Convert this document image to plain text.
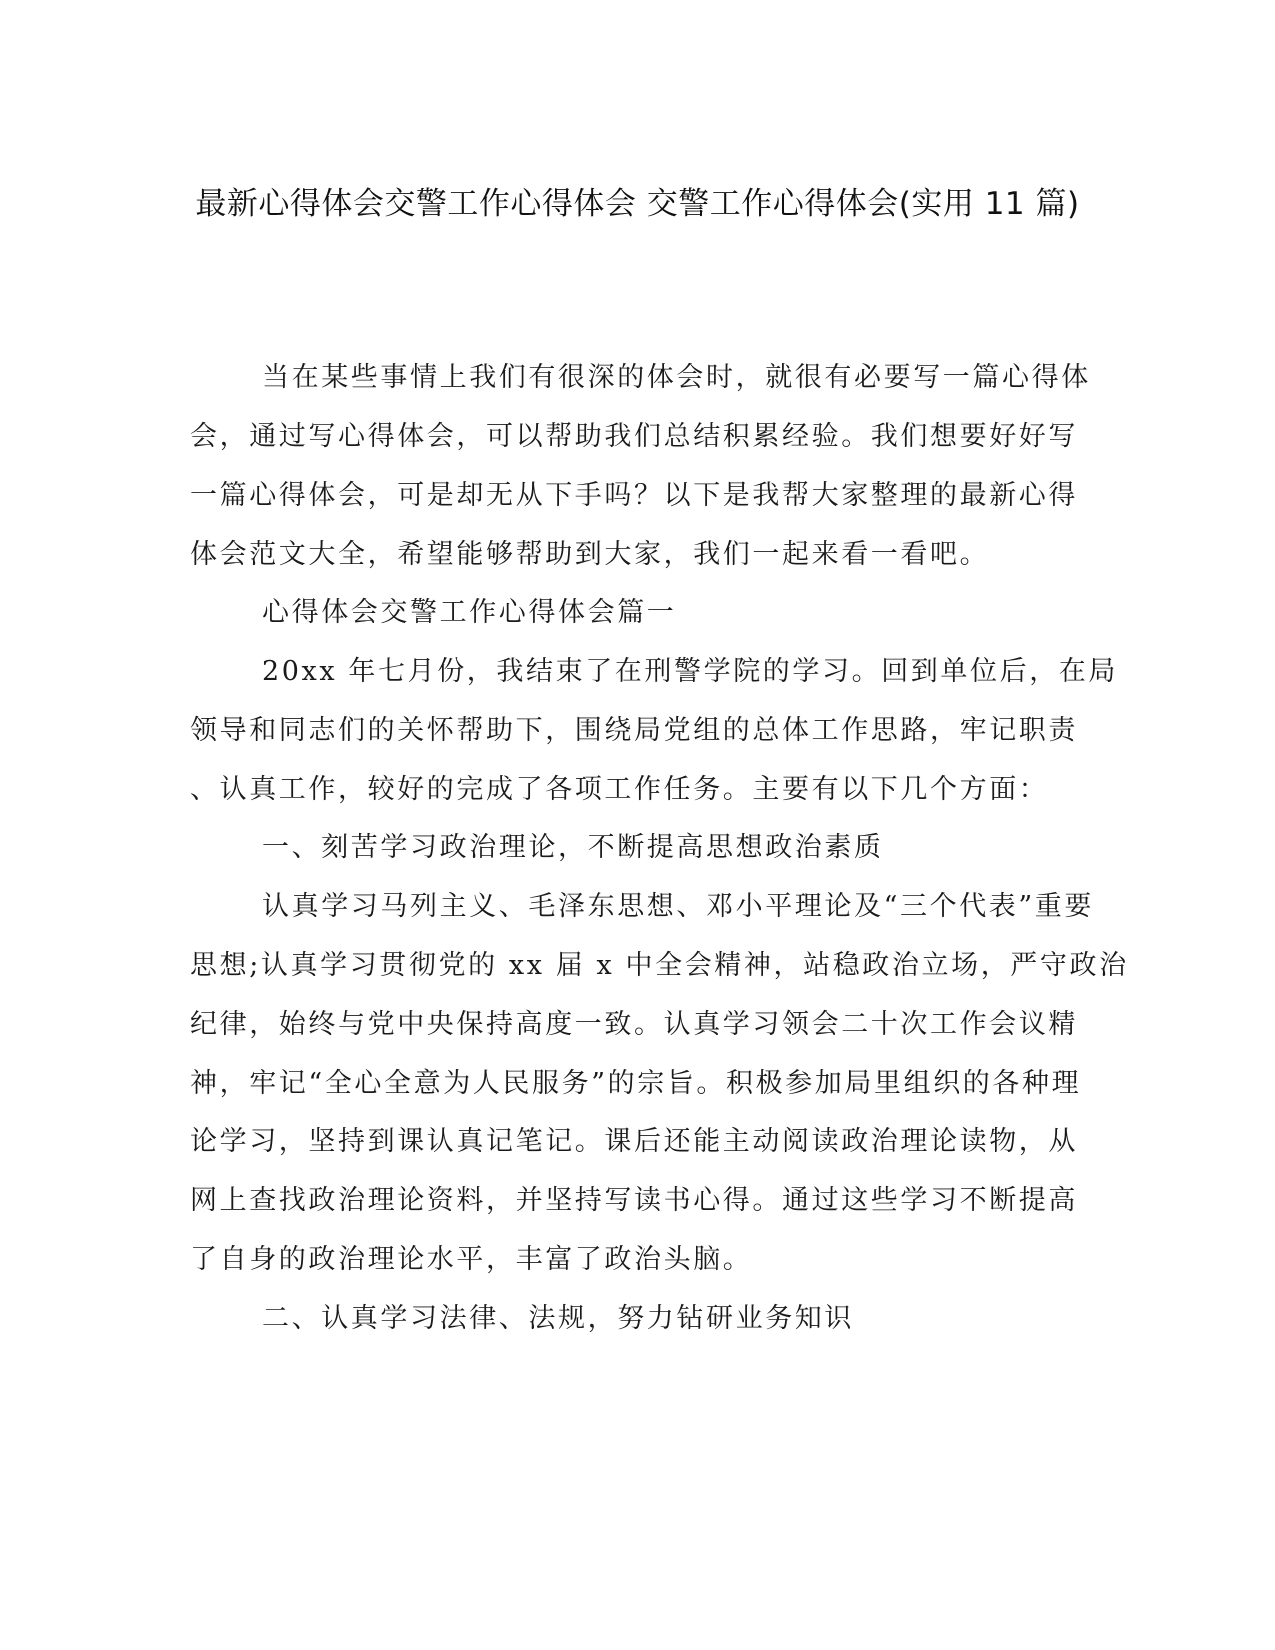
最新心得体会交警工作心得体会 交警工作心得体会(实用 11 篇)
当在某些事情上我们有很深的体会时，就很有必要写一篇心得体
会，通过写心得体会，可以帮助我们总结积累经验。我们想要好好写
一篇心得体会，可是却无从下手吗？以下是我帮大家整理的最新心得
体会范文大全，希望能够帮助到大家，我们一起来看一看吧。
心得体会交警工作心得体会篇一
20xx 年七月份，我结束了在刑警学院的学习。回到单位后，在局
领导和同志们的关怀帮助下，围绕局党组的总体工作思路，牢记职责
、认真工作，较好的完成了各项工作任务。主要有以下几个方面：
一、刻苦学习政治理论，不断提高思想政治素质
认真学习马列主义、毛泽东思想、邓小平理论及“三个代表”重要
思想;认真学习贯彻党的 xx 届 x 中全会精神，站稳政治立场，严守政治
纪律，始终与党中央保持高度一致。认真学习领会二十次工作会议精
神，牢记“全心全意为人民服务”的宗旨。积极参加局里组织的各种理
论学习，坚持到课认真记笔记。课后还能主动阅读政治理论读物，从
网上查找政治理论资料，并坚持写读书心得。通过这些学习不断提高
了自身的政治理论水平，丰富了政治头脑。
二、认真学习法律、法规，努力钻研业务知识
